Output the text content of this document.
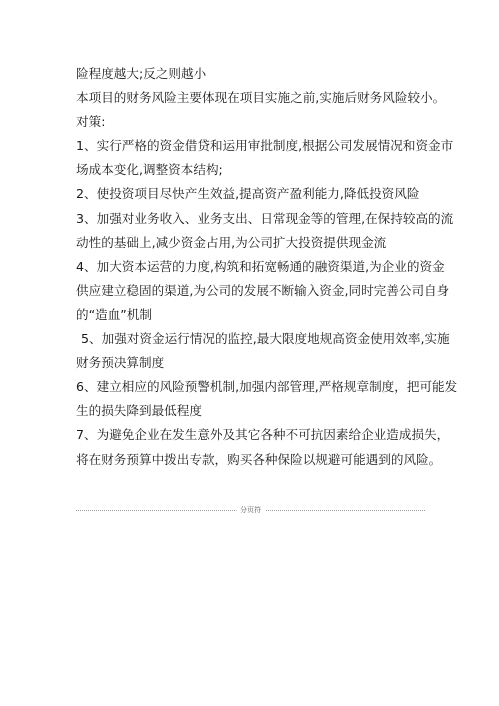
险程度越大;反之则越小
本项目的财务风险主要体现在项目实施之前,实施后财务风险较小。
对策:
1、实行严格的资金借贷和运用审批制度,根据公司发展情况和资金市
场成本变化,调整资本结构;
2、使投资项目尽快产生效益,提高资产盈利能力,降低投资风险
3、加强对业务收入、业务支出、日常现金等的管理,在保持较高的流
动性的基础上,减少资金占用,为公司扩大投资提供现金流
4、加大资本运营的力度,构筑和拓宽畅通的融资渠道,为企业的资金
供应建立稳固的渠道,为公司的发展不断输入资金,同时完善公司自身
的“造血”机制
5、加强对资金运行情况的监控,最大限度地规高资金使用效率,实施
财务预决算制度
6、建立相应的风险预警机制,加强内部管理,严格规章制度，把可能发
生的损失降到最低程度
7、为避免企业在发生意外及其它各种不可抗因素给企业造成损失，
将在财务预算中拨出专款，购买各种保险以规避可能遇到的风险。
分页符
